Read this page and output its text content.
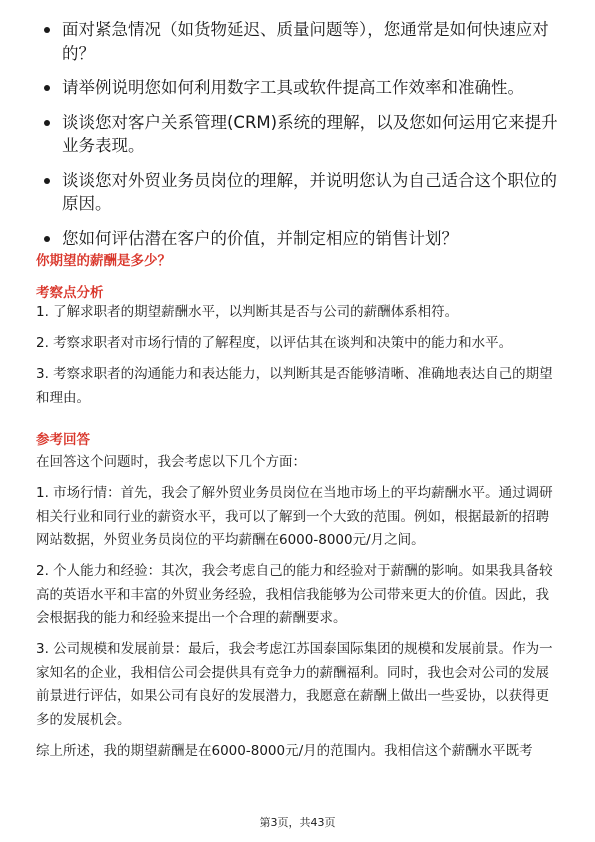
面对紧急情况（如货物延迟、质量问题等），您通常是如何快速应对的？
请举例说明您如何利用数字工具或软件提高工作效率和准确性。
谈谈您对客户关系管理(CRM)系统的理解，以及您如何运用它来提升业务表现。
谈谈您对外贸业务员岗位的理解，并说明您认为自己适合这个职位的原因。
您如何评估潜在客户的价值，并制定相应的销售计划？
你期望的薪酬是多少？
考察点分析

1. 了解求职者的期望薪酬水平，以判断其是否与公司的薪酬体系相符。

2. 考察求职者对市场行情的了解程度，以评估其在谈判和决策中的能力和水平。

3. 考察求职者的沟通能力和表达能力，以判断其是否能够清晰、准确地表达自己的期望和理由。

参考回答

在回答这个问题时，我会考虑以下几个方面：

1. 市场行情：首先，我会了解外贸业务员岗位在当地市场上的平均薪酬水平。通过调研相关行业和同行业的薪资水平，我可以了解到一个大致的范围。例如，根据最新的招聘网站数据，外贸业务员岗位的平均薪酬在6000-8000元/月之间。

2. 个人能力和经验：其次，我会考虑自己的能力和经验对于薪酬的影响。如果我具备较高的英语水平和丰富的外贸业务经验，我相信我能够为公司带来更大的价值。因此，我会根据我的能力和经验来提出一个合理的薪酬要求。

3. 公司规模和发展前景：最后，我会考虑江苏国泰国际集团的规模和发展前景。作为一家知名的企业，我相信公司会提供具有竞争力的薪酬福利。同时，我也会对公司的发展前景进行评估，如果公司有良好的发展潜力，我愿意在薪酬上做出一些妥协，以获得更多的发展机会。

综上所述，我的期望薪酬是在6000-8000元/月的范围内。我相信这个薪酬水平既考

第3页，共43页
